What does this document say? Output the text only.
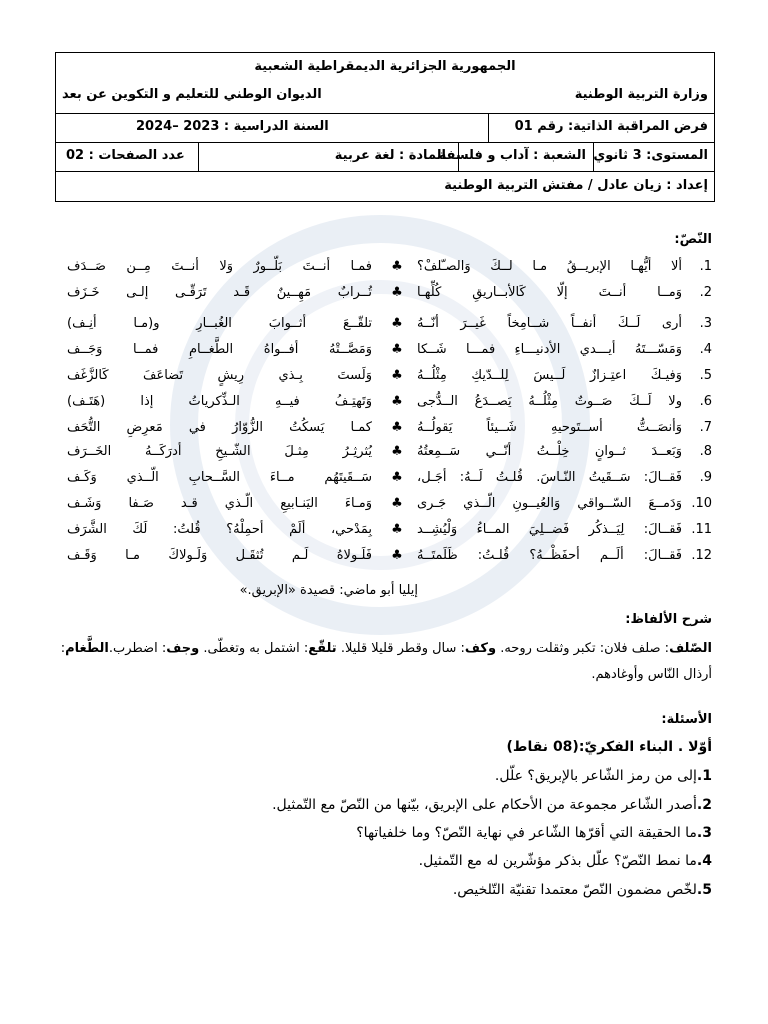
الجمهورية الجزائرية الديمقراطية الشعبية
وزارة التربية الوطنية
الديوان الوطني للتعليم و التكوين عن بعد
فرض المراقبة الذاتية: رقم 01
السنة الدراسية : 2023 –2024
المستوى: 3 ثانوي
الشعبة : آداب و فلسفة
المادة : لغة عربية
عدد الصفحات : 02
إعداد : زيان عادل / مفتش التربية الوطنية
النّصّ:
1.
ألا أيُّهـا الإبريــقُ مـا لــكَ وَالصـّلفْ؟
♣
فمـا أنــتَ بَلّــورٌ وَلا أنــتَ مِــن صَــدَف
2.
وَمــا أنــتَ إلّا كَالأبــاريقِ كُلِّهـا
♣
تُــرابٌ مَهِــينٌ قَـد تَرَقّـى إلـى خَـزَف
3.
أرى لَــكَ أنفــاً شــامِخاً غَيــرَ أنّــهُ
♣
تلقّــعَ أثــوابَ الغُبــارِ و(مـا أنِـف)
4.
وَمَسّـــتَهُ أيـــدي الأدنيـــاءِ فمـــا شَــكا
♣
وَمَصَّــتْهُ أفــواهُ الطَّغــامِ فمــا وَجَــف
5.
وَفيـكَ اعتِـزازٌ لَــيسَ لِلــدّيكِ مِثْلُــهُ
♣
وَلَستَ بِـذي رِيشٍ تَضاعَفَ كَالزَّغَف
6.
ولا لَــكَ صَــوتٌ مِثْلُــهُ يَصــدَعُ الــدُّجى
♣
وَتَهتِـفُ فيــهِ الـذِّكرياتُ إذا (هَتَـف)
7.
وَأنصَــتُّ أســتَوحيهِ شَــيئاً يَقولُــهُ
♣
كمـا يَسكُتُ الزُّوّارُ في مَعرِضِ التُّحَف
8.
وَبَعــدَ ثــوانٍ خِلْــتُ أنّــي سَــمِعتُهُ
♣
يُثرثِـرُ مِثـلَ الشّـيخِ أدرَكَــهُ الخَــرَف
9.
فَقــالَ: سَــقَيتُ النّـاسَ. قُلـتُ لَــهُ: أجَـل،
♣
سَــقَيتَهُم مــاءَ السَّــحابِ الّــذي وَكَـف
10.
وَدَمــعَ السّــواقي وَالعُيــونِ الّــذي جَـرى
♣
وَمـاءَ اليَنـابيعِ الّـذي قـد صَـفا وَشَـف
11.
فَقــالَ: لِيَــذكُر فَضــلِيَ المــاءُ وَلْيُشِــد
♣
بِمَدْحي، ألَمْ أحمِلْهُ؟ قُلتُ: لَكَ الشَّرَف
12.
فَقــالَ: ألَــم أحفَظْــهُ؟ قُلـتُ: ظَلَمتَــهُ
♣
فَلَـولاهُ لَـم تُثقَـل وَلَـولاكَ مـا وَقَـف
إيليا أبو ماضي: قصيدة «الإبريق.»
شرح الألفاظ:
الصّلف: صلف فلان: تكبر وثقلت روحه. وكف: سال وقطر قليلا قليلا. تلقّع: اشتمل به وتغطّى. وجف: اضطرب.الطَّغام: أرذال النّاس وأوغادهم.
الأسئلة:
أوّلا . البناء الفكريّ:(08 نقاط)
1.إلى من رمز الشّاعر بالإبريق؟ علّل.
2.أصدر الشّاعر مجموعة من الأحكام على الإبريق، بيّنها من النّصّ مع التّمثيل.
3.ما الحقيقة التي أقرّها الشّاعر في نهاية النّصّ؟ وما خلفياتها؟
4.ما نمط النّصّ؟ علّل بذكر مؤشّرين له مع التّمثيل.
5.لخّص مضمون النّصّ معتمدا تقنيّة التّلخيص.
